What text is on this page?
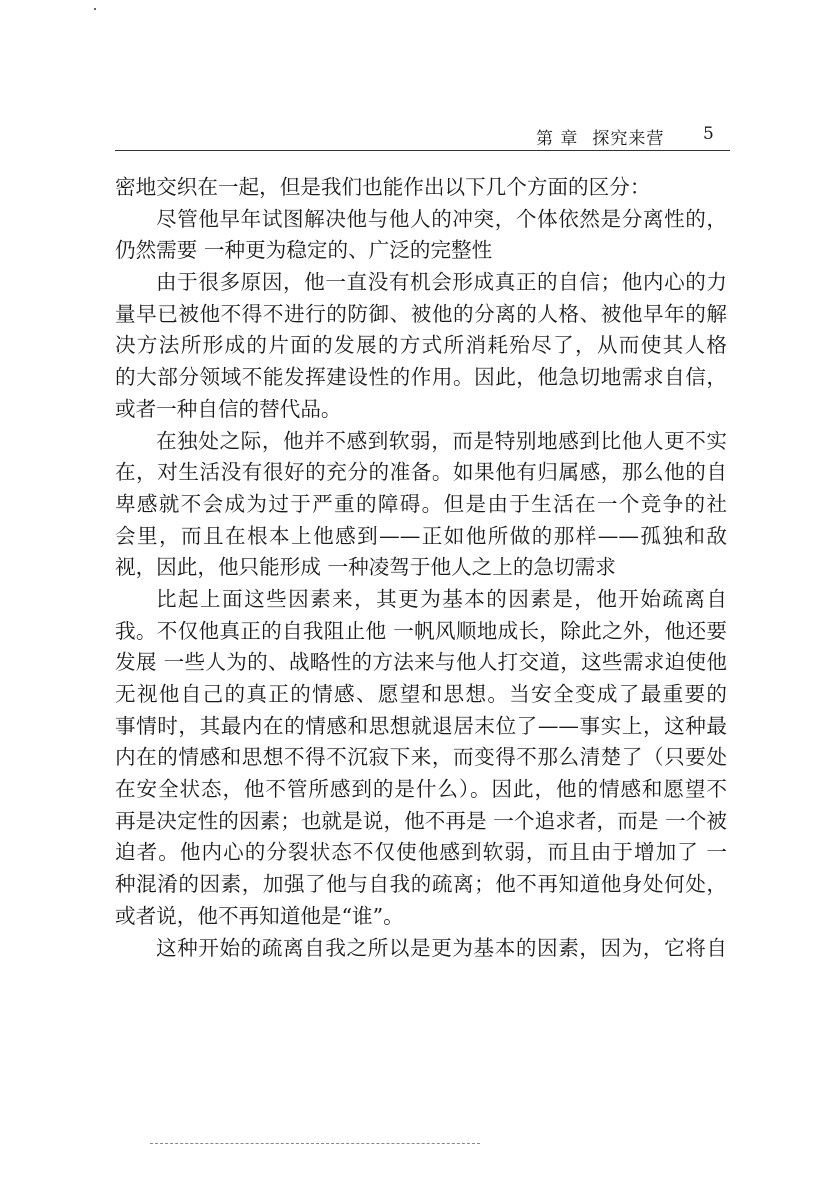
第 章 探究来营 5
密地交织在一起，但是我们也能作出以下几个方面的区分：
尽管他早年试图解决他与他人的冲突，个体依然是分离性的，
仍然需要 一种更为稳定的、广泛的完整性
由于很多原因，他一直没有机会形成真正的自信；他内心的力
量早已被他不得不进行的防御、被他的分离的人格、被他早年的解
决方法所形成的片面的发展的方式所消耗殆尽了，从而使其人格
的大部分领域不能发挥建设性的作用。因此，他急切地需求自信，
或者一种自信的替代品。
在独处之际，他并不感到软弱，而是特别地感到比他人更不实
在，对生活没有很好的充分的准备。如果他有归属感，那么他的自
卑感就不会成为过于严重的障碍。但是由于生活在一个竞争的社
会里，而且在根本上他感到——正如他所做的那样——孤独和敌
视，因此，他只能形成 一种凌驾于他人之上的急切需求
比起上面这些因素来，其更为基本的因素是，他开始疏离自
我。不仅他真正的自我阻止他 一帆风顺地成长，除此之外，他还要
发展 一些人为的、战略性的方法来与他人打交道，这些需求迫使他
无视他自己的真正的情感、愿望和思想。当安全变成了最重要的
事情时，其最内在的情感和思想就退居末位了——事实上，这种最
内在的情感和思想不得不沉寂下来，而变得不那么清楚了（只要处
在安全状态，他不管所感到的是什么）。因此，他的情感和愿望不
再是决定性的因素；也就是说，他不再是 一个追求者，而是 一个被
迫者。他内心的分裂状态不仅使他感到软弱，而且由于增加了 一
种混淆的因素，加强了他与自我的疏离；他不再知道他身处何处，
或者说，他不再知道他是“谁”。
这种开始的疏离自我之所以是更为基本的因素，因为，它将自
